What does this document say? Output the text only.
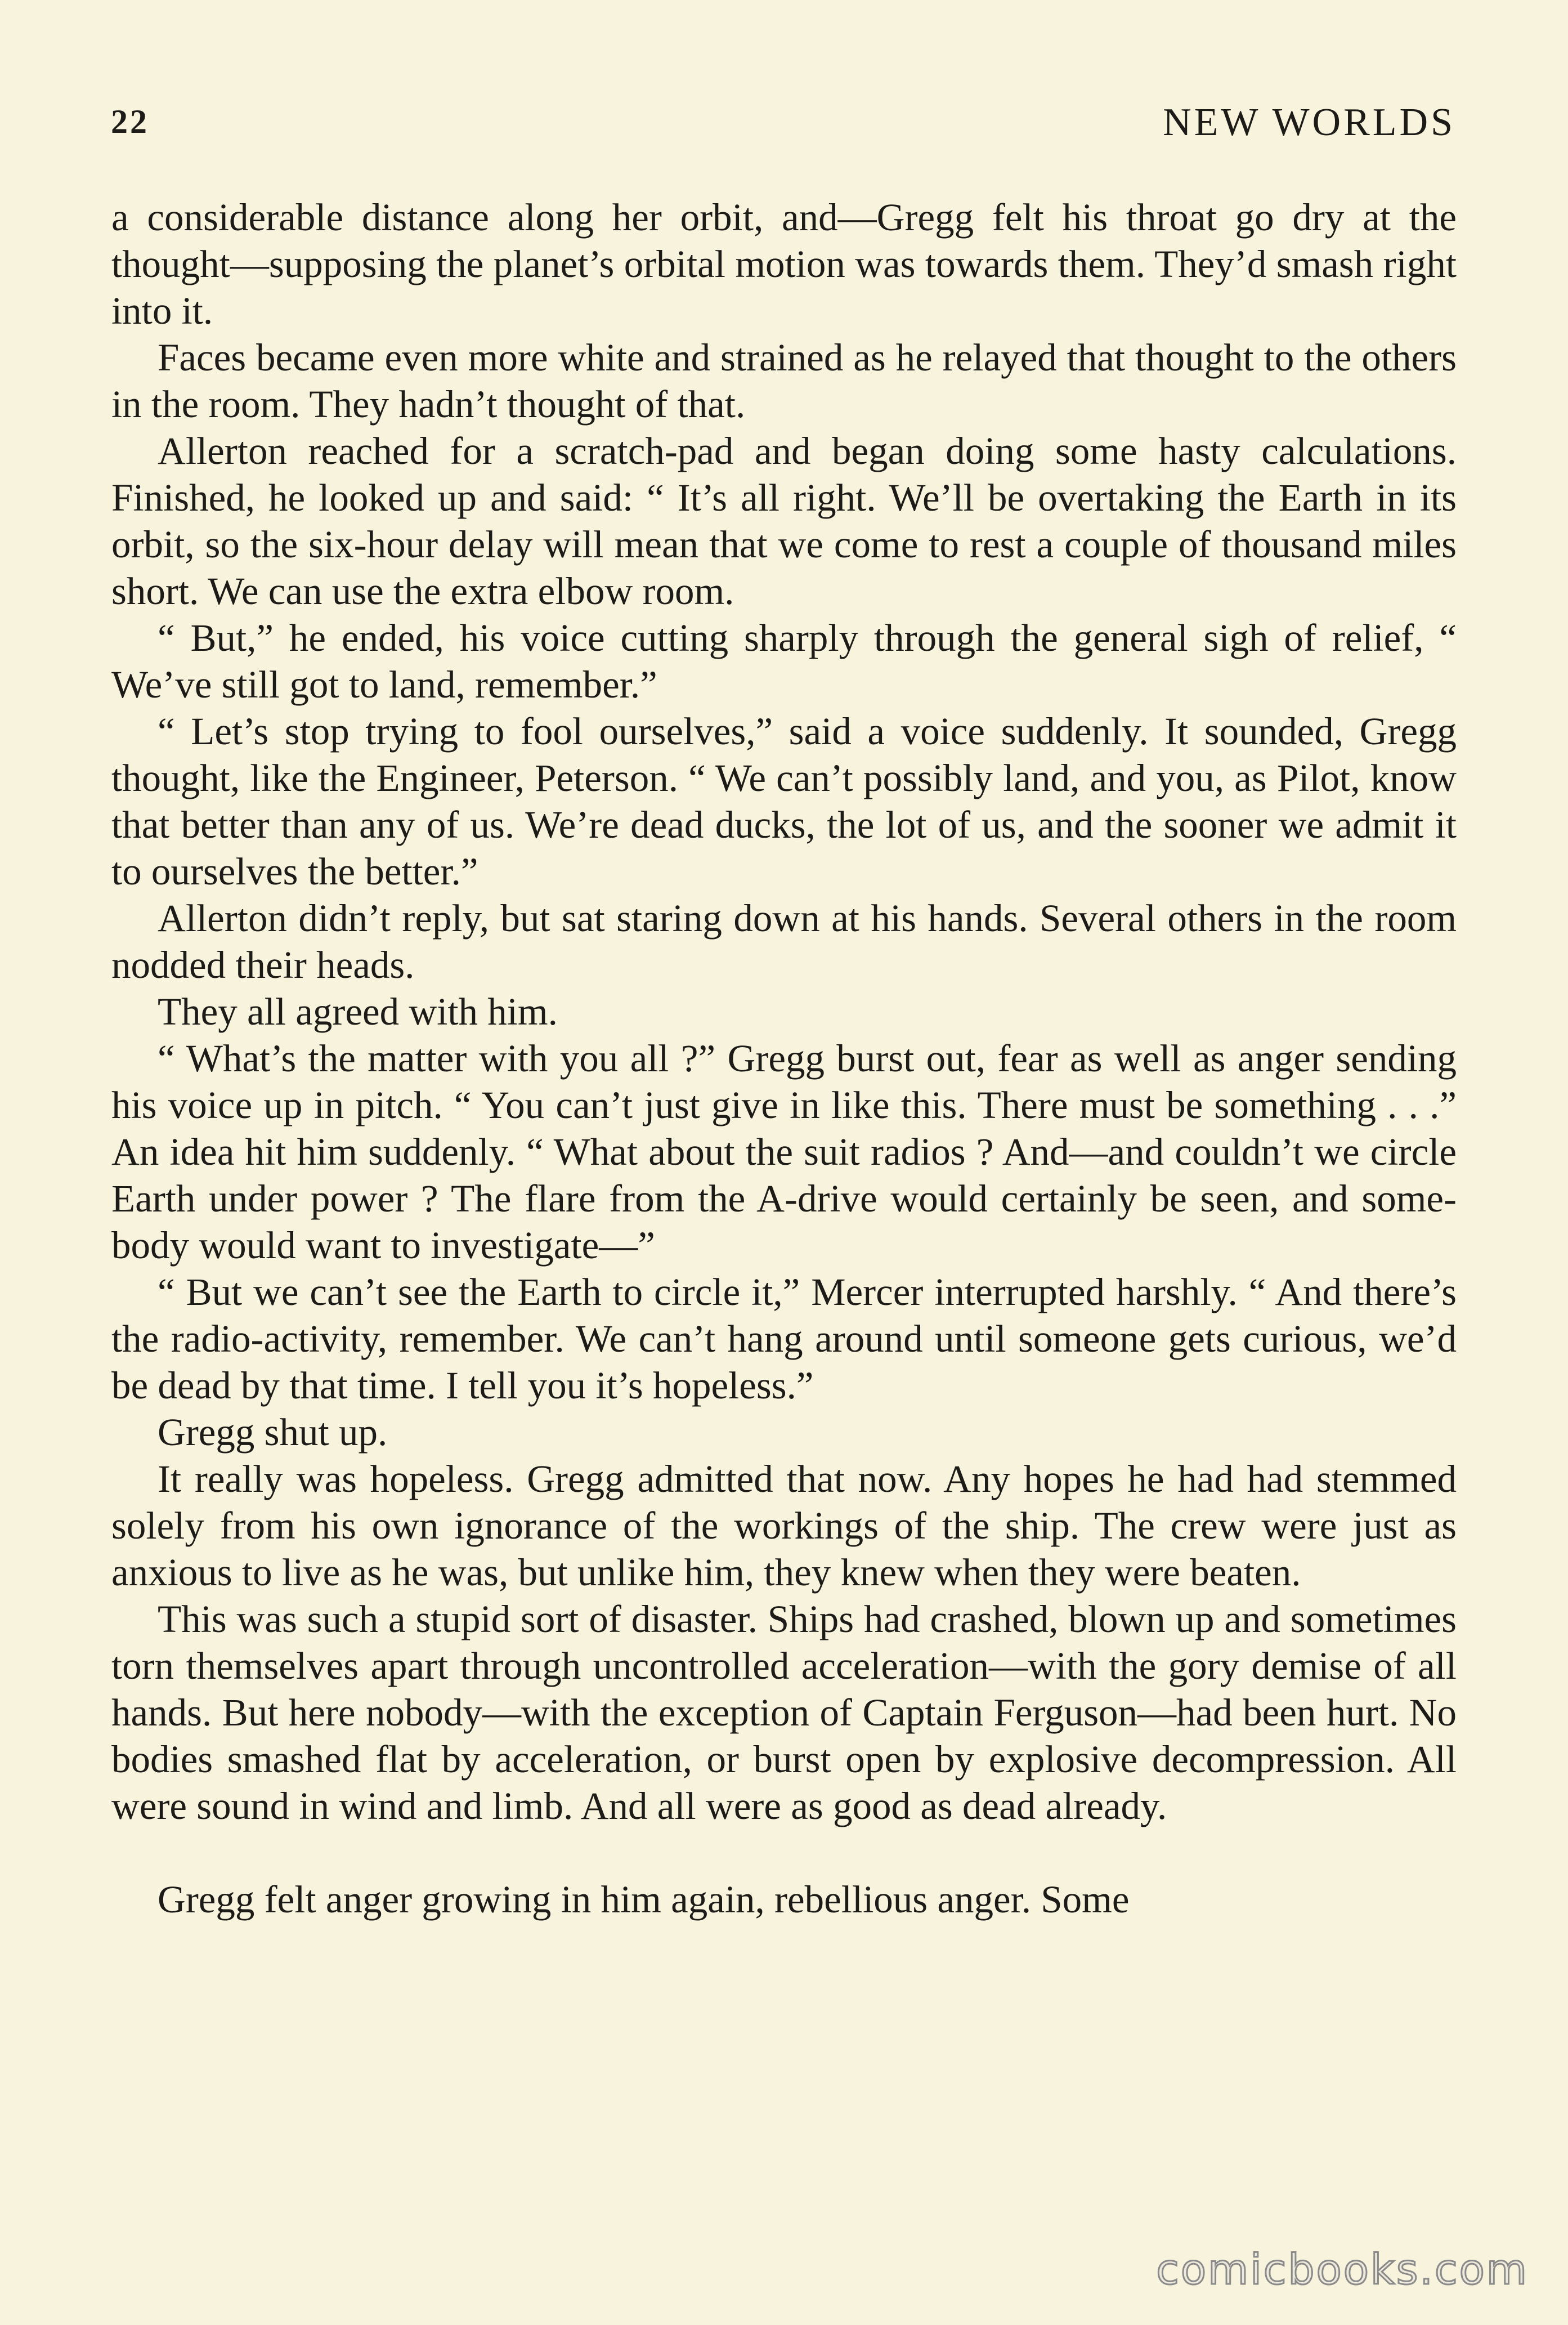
22	NEW WORLDS

a considerable distance along her orbit, and—Gregg felt his throat go dry at the thought—supposing the planet’s orbital motion was towards them. They’d smash right into it.

Faces became even more white and strained as he relayed that thought to the others in the room. They hadn’t thought of that.

Allerton reached for a scratch-pad and began doing some hasty calculations. Finished, he looked up and said: “ It’s all right. We’ll be overtaking the Earth in its orbit, so the six-hour delay will mean that we come to rest a couple of thousand miles short. We can use the extra elbow room.

“ But,” he ended, his voice cutting sharply through the general sigh of relief, “ We’ve still got to land, remember.”

“ Let’s stop trying to fool ourselves,” said a voice suddenly. It sounded, Gregg thought, like the Engineer, Peterson. “ We can’t possibly land, and you, as Pilot, know that better than any of us. We’re dead ducks, the lot of us, and the sooner we admit it to ourselves the better.”

Allerton didn’t reply, but sat staring down at his hands. Several others in the room nodded their heads.

They all agreed with him.

“ What’s the matter with you all ?” Gregg burst out, fear as well as anger sending his voice up in pitch. “ You can’t just give in like this. There must be something . . .” An idea hit him suddenly. “ What about the suit radios ? And—and couldn’t we circle Earth under power ? The flare from the A-drive would certainly be seen, and some-body would want to investigate—”

“ But we can’t see the Earth to circle it,” Mercer interrupted harshly. “ And there’s the radio-activity, remember. We can’t hang around until someone gets curious, we’d be dead by that time. I tell you it’s hopeless.”

Gregg shut up.

It really was hopeless. Gregg admitted that now. Any hopes he had had stemmed solely from his own ignorance of the workings of the ship. The crew were just as anxious to live as he was, but unlike him, they knew when they were beaten.

This was such a stupid sort of disaster. Ships had crashed, blown up and sometimes torn themselves apart through uncontrolled acceleration—with the gory demise of all hands. But here nobody—with the exception of Captain Ferguson—had been hurt. No bodies smashed flat by acceleration, or burst open by explosive decompression. All were sound in wind and limb. And all were as good as dead already.

Gregg felt anger growing in him again, rebellious anger. Some

comicbooks.com
